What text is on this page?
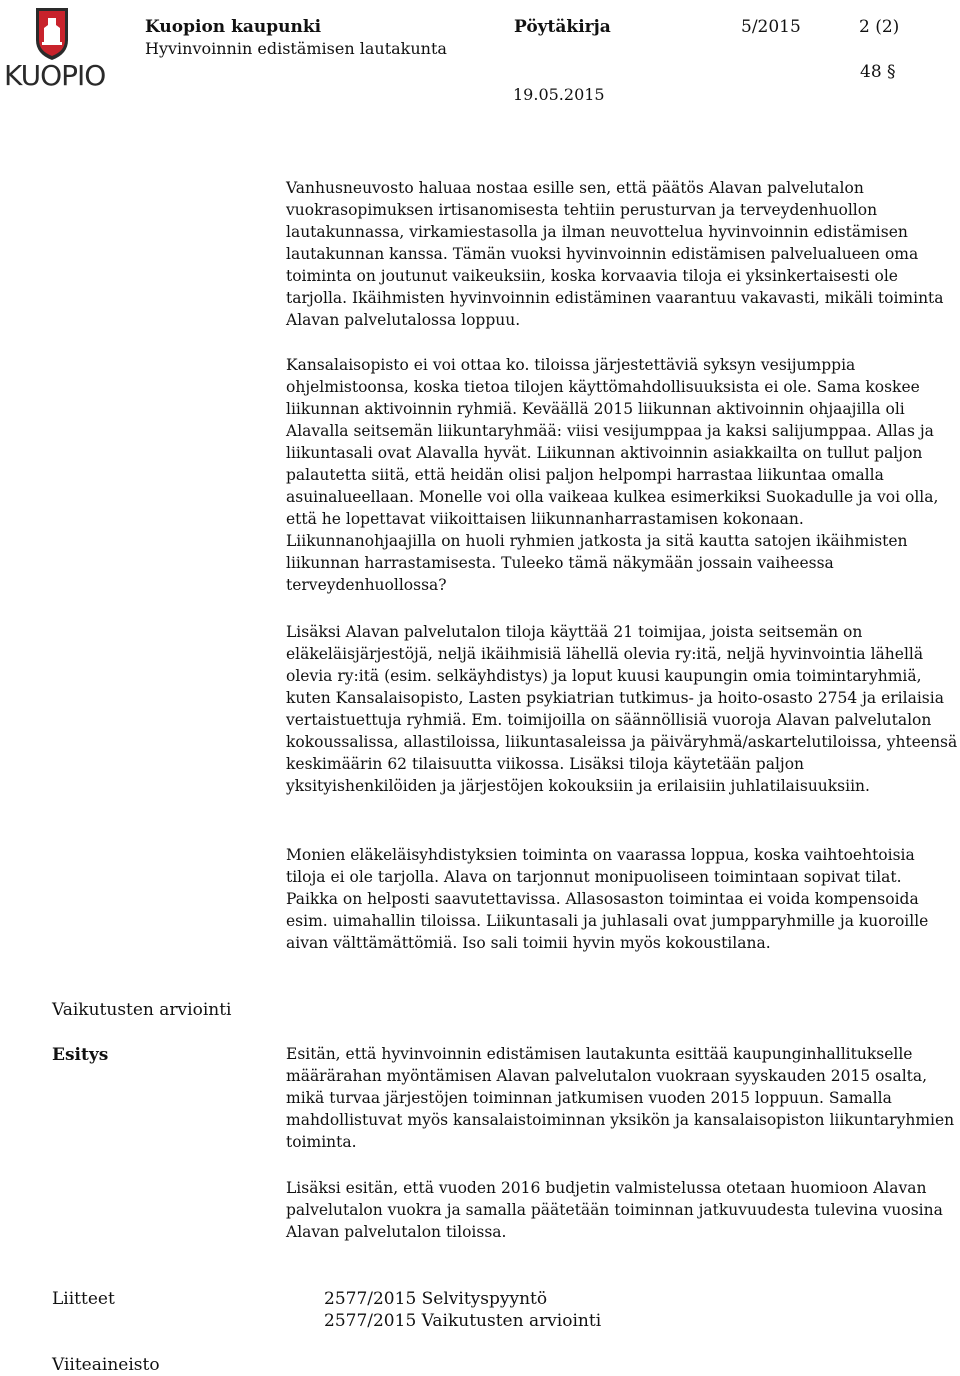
KUOPIO
Kuopion kaupunki
Hyvinvoinnin edistämisen lautakunta
Pöytäkirja	5/2015	2 (2)
48 §
19.05.2015

Vanhusneuvosto haluaa nostaa esille sen, että päätös Alavan palvelutalon vuokrasopimuksen irtisanomisesta tehtiin perusturvan ja terveydenhuollon lautakunnassa, virkamiestasolla ja ilman neuvottelua hyvinvoinnin edistämisen lautakunnan kanssa. Tämän vuoksi hyvinvoinnin edistämisen palvelualueen oma toiminta on joutunut vaikeuksiin, koska korvaavia tiloja ei yksinkertaisesti ole tarjolla. Ikäihmisten hyvinvoinnin edistäminen vaarantuu vakavasti, mikäli toiminta Alavan palvelutalossa loppuu.

Kansalaisopisto ei voi ottaa ko. tiloissa järjestettäviä syksyn vesijumppia ohjelmistoonsa, koska tietoa tilojen käyttömahdollisuuksista ei ole. Sama koskee liikunnan aktivoinnin ryhmiä. Keväällä 2015 liikunnan aktivoinnin ohjaajilla oli Alavalla seitsemän liikuntaryhmää: viisi vesijumppaa ja kaksi salijumppaa. Allas ja liikuntasali ovat Alavalla hyvät. Liikunnan aktivoinnin asiakkailta on tullut paljon palautetta siitä, että heidän olisi paljon helpompi harrastaa liikuntaa omalla asuinalueellaan. Monelle voi olla vaikeaa kulkea esimerkiksi Suokadulle ja voi olla, että he lopettavat viikoittaisen liikunnanharrastamisen kokonaan. Liikunnanohjaajilla on huoli ryhmien jatkosta ja sitä kautta satojen ikäihmisten liikunnan harrastamisesta. Tuleeko tämä näkymään jossain vaiheessa terveydenhuollossa?

Lisäksi Alavan palvelutalon tiloja käyttää 21 toimijaa, joista seitsemän on eläkeläisjärjestöjä, neljä ikäihmisiä lähellä olevia ry:itä, neljä hyvinvointia lähellä olevia ry:itä (esim. selkäyhdistys) ja loput kuusi kaupungin omia toimintaryhmiä, kuten Kansalaisopisto, Lasten psykiatrian tutkimus- ja hoito-osasto 2754 ja erilaisia vertaistuettuja ryhmiä. Em. toimijoilla on säännöllisiä vuoroja Alavan palvelutalon kokoussalissa, allastiloissa, liikuntasaleissa ja päiväryhmä/askartelutiloissa, yhteensä keskimäärin 62 tilaisuutta viikossa. Lisäksi tiloja käytetään paljon yksityishenkilöiden ja järjestöjen kokouksiin ja erilaisiin juhlatilaisuuksiin.

Monien eläkeläisyhdistyksien toiminta on vaarassa loppua, koska vaihtoehtoisia tiloja ei ole tarjolla. Alava on tarjonnut monipuoliseen toimintaan sopivat tilat. Paikka on helposti saavutettavissa. Allasosaston toimintaa ei voida kompensoida esim. uimahallin tiloissa. Liikuntasali ja juhlasali ovat jumpparyhmille ja kuoroille aivan välttämättömiä. Iso sali toimii hyvin myös kokoustilana.

Vaikutusten arviointi
Esitys	Esitän, että hyvinvoinnin edistämisen lautakunta esittää kaupunginhallitukselle määrärahan myöntämisen Alavan palvelutalon vuokraan syyskauden 2015 osalta, mikä turvaa järjestöjen toiminnan jatkumisen vuoden 2015 loppuun. Samalla mahdollistuvat myös kansalaistoiminnan yksikön ja kansalaisopiston liikuntaryhmien toiminta.

Lisäksi esitän, että vuoden 2016 budjetin valmistelussa otetaan huomioon Alavan palvelutalon vuokra ja samalla päätetään toiminnan jatkuvuudesta tulevina vuosina Alavan palvelutalon tiloissa.

Liitteet	2577/2015 Selvityspyyntö
2577/2015 Vaikutusten arviointi
Viiteaineisto
